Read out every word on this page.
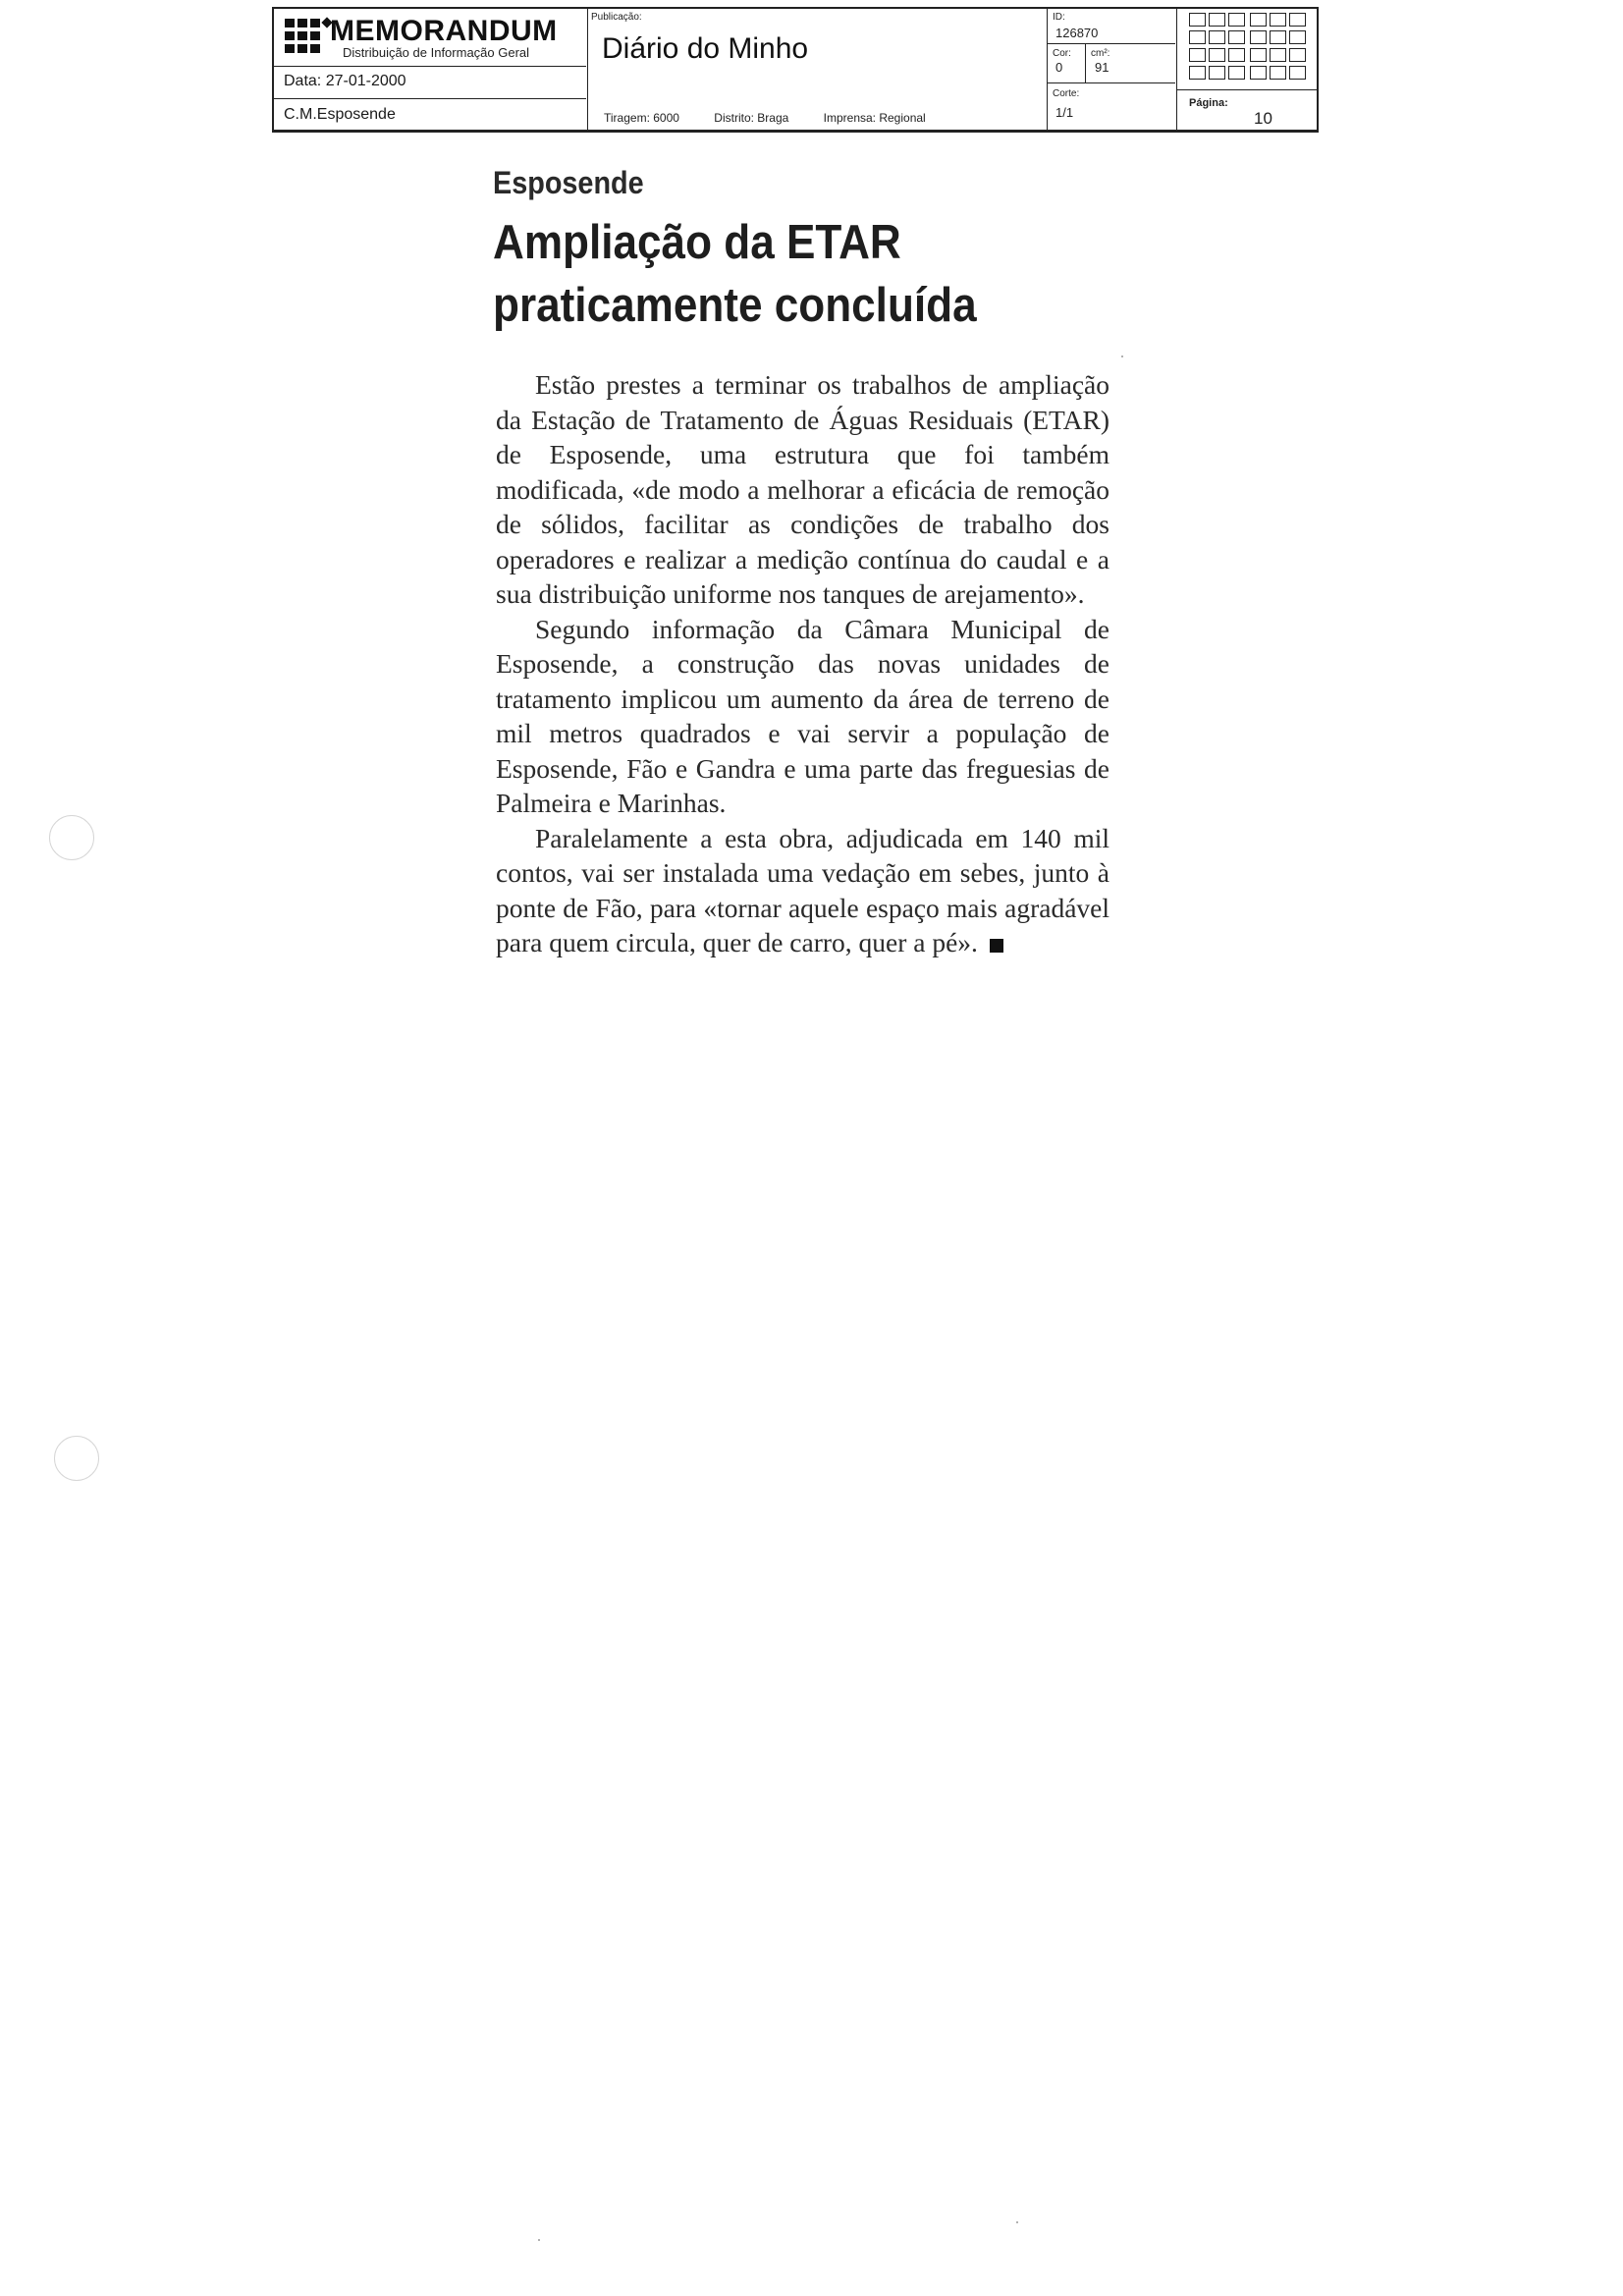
MEMORANDUM
Distribuição de Informação Geral
Data: 27-01-2000
C.M.Esposende
Publicação:
Diário do Minho
Tiragem: 6000	Distrito: Braga	Imprensa: Regional
ID:
126870
Cor:
0
cm²:
91
Corte:
1/1
Página:
10
Esposende
Ampliação da ETAR
praticamente concluída

Estão prestes a terminar os trabalhos de ampliação da Estação de Tratamento de Águas Residuais (ETAR) de Esposende, uma estrutura que foi também modificada, «de modo a melhorar a eficácia de remoção de sólidos, facilitar as condições de trabalho dos operadores e realizar a medição contínua do caudal e a sua distribuição uniforme nos tanques de arejamento».

Segundo informação da Câmara Municipal de Esposende, a construção das novas unidades de tratamento implicou um aumento da área de terreno de mil metros quadrados e vai servir a população de Esposende, Fão e Gandra e uma parte das freguesias de Palmeira e Marinhas.

Paralelamente a esta obra, adjudicada em 140 mil contos, vai ser instalada uma vedação em sebes, junto à ponte de Fão, para «tornar aquele espaço mais agradável para quem circula, quer de carro, quer a pé».
